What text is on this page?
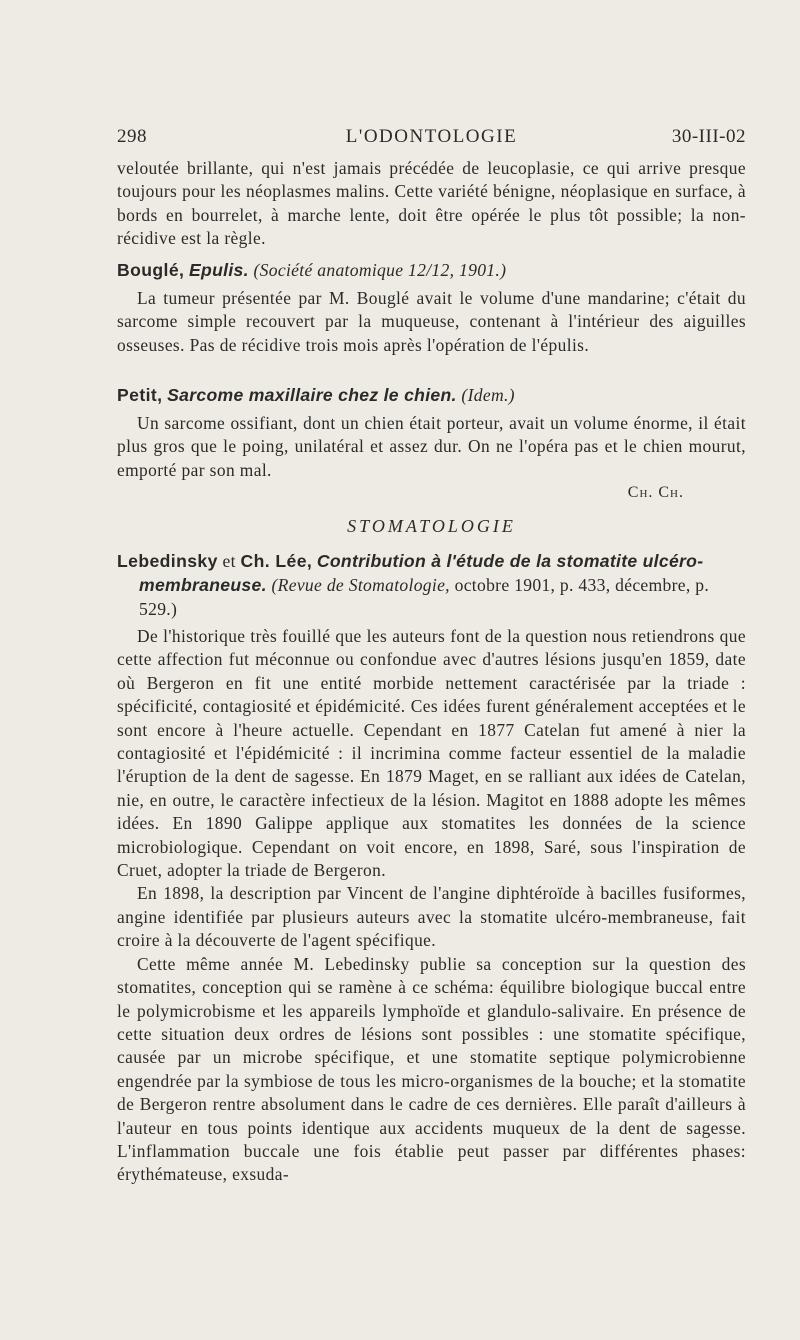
298	L'ODONTOLOGIE	30-III-02

veloutée brillante, qui n'est jamais précédée de leucoplasie, ce qui arrive presque toujours pour les néoplasmes malins. Cette variété bénigne, néoplasique en surface, à bords en bourrelet, à marche lente, doit être opérée le plus tôt possible; la non-récidive est la règle.

Bouglé, Epulis. (Société anatomique 12/12, 1901.)

La tumeur présentée par M. Bouglé avait le volume d'une mandarine; c'était du sarcome simple recouvert par la muqueuse, contenant à l'intérieur des aiguilles osseuses. Pas de récidive trois mois après l'opération de l'épulis.

Petit, Sarcome maxillaire chez le chien. (Idem.)

Un sarcome ossifiant, dont un chien était porteur, avait un volume énorme, il était plus gros que le poing, unilatéral et assez dur. On ne l'opéra pas et le chien mourut, emporté par son mal.

Ch. Ch.
STOMATOLOGIE
Lebedinsky et Ch. Lée, Contribution à l'étude de la stomatite ulcéro-membraneuse. (Revue de Stomatologie, octobre 1901, p. 433, décembre, p. 529.)

De l'historique très fouillé que les auteurs font de la question nous retiendrons que cette affection fut méconnue ou confondue avec d'autres lésions jusqu'en 1859, date où Bergeron en fit une entité morbide nettement caractérisée par la triade : spécificité, contagiosité et épidémicité. Ces idées furent généralement acceptées et le sont encore à l'heure actuelle. Cependant en 1877 Catelan fut amené à nier la contagiosité et l'épidémicité : il incrimina comme facteur essentiel de la maladie l'éruption de la dent de sagesse. En 1879 Maget, en se ralliant aux idées de Catelan, nie, en outre, le caractère infectieux de la lésion. Magitot en 1888 adopte les mêmes idées. En 1890 Galippe applique aux stomatites les données de la science microbiologique. Cependant on voit encore, en 1898, Saré, sous l'inspiration de Cruet, adopter la triade de Bergeron.

En 1898, la description par Vincent de l'angine diphtéroïde à bacilles fusiformes, angine identifiée par plusieurs auteurs avec la stomatite ulcéro-membraneuse, fait croire à la découverte de l'agent spécifique.

Cette même année M. Lebedinsky publie sa conception sur la question des stomatites, conception qui se ramène à ce schéma: équilibre biologique buccal entre le polymicrobisme et les appareils lymphoïde et glandulo-salivaire. En présence de cette situation deux ordres de lésions sont possibles : une stomatite spécifique, causée par un microbe spécifique, et une stomatite septique polymicrobienne engendrée par la symbiose de tous les micro-organismes de la bouche; et la stomatite de Bergeron rentre absolument dans le cadre de ces dernières. Elle paraît d'ailleurs à l'auteur en tous points identique aux accidents muqueux de la dent de sagesse. L'inflammation buccale une fois établie peut passer par différentes phases: érythémateuse, exsuda-
